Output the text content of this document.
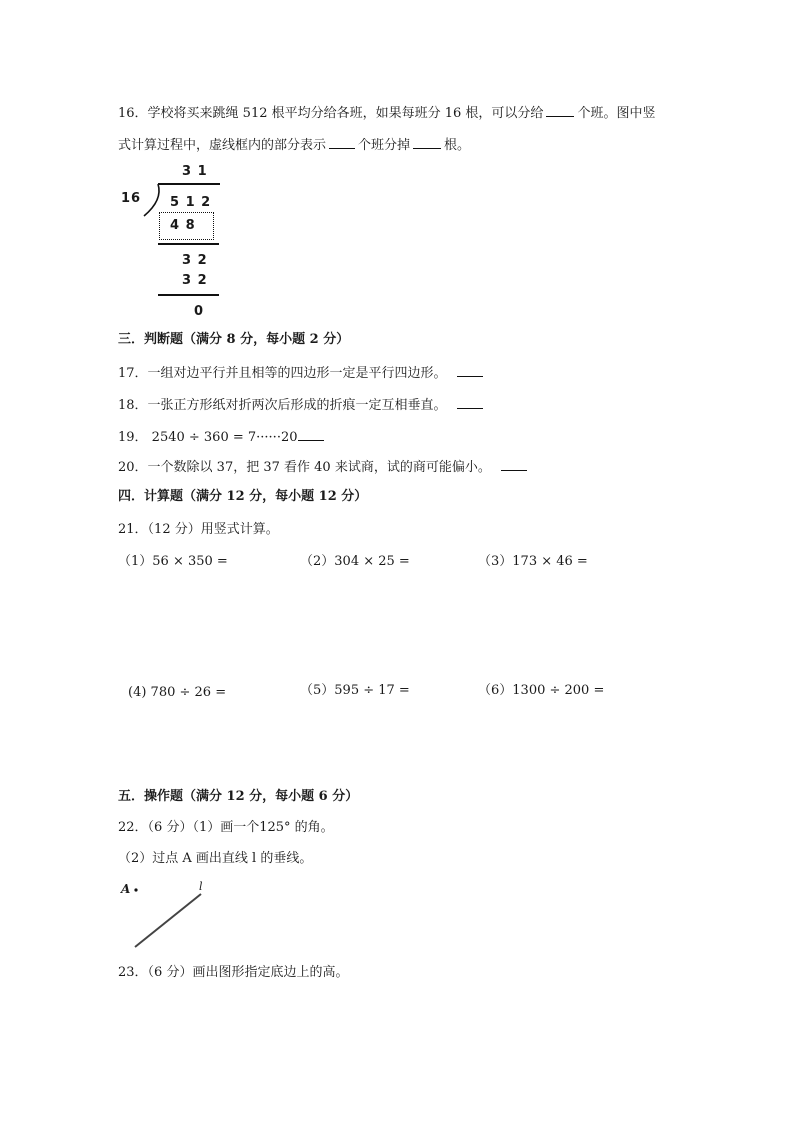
16．学校将买来跳绳 512 根平均分给各班，如果每班分 16 根，可以分给	个班。图中竖
式计算过程中，虚线框内的部分表示 个班分掉	根。
3 1
16 5 1 2
4 8
3 2
3 2
0
三．判断题（满分 8 分，每小题 2 分）
17．一组对边平行并且相等的四边形一定是平行四边形。
18．一张正方形纸对折两次后形成的折痕一定互相垂直。
19． 2540 ÷ 360 = 7······20
20．一个数除以 37，把 37 看作 40 来试商，试的商可能偏小。
四．计算题（满分 12 分，每小题 12 分）
21．（12 分）用竖式计算。
（1）56 × 350 =	（2）304 × 25 =	（3）173 × 46 =
(4) 780 ÷ 26 =	（5）595 ÷ 17 =	（6）1300 ÷ 200 =
五．操作题（满分 12 分，每小题 6 分）
22．（6 分）（1）画一个125° 的角。
（2）过点 A 画出直线 l 的垂线。
A	l
23．（6 分）画出图形指定底边上的高。
